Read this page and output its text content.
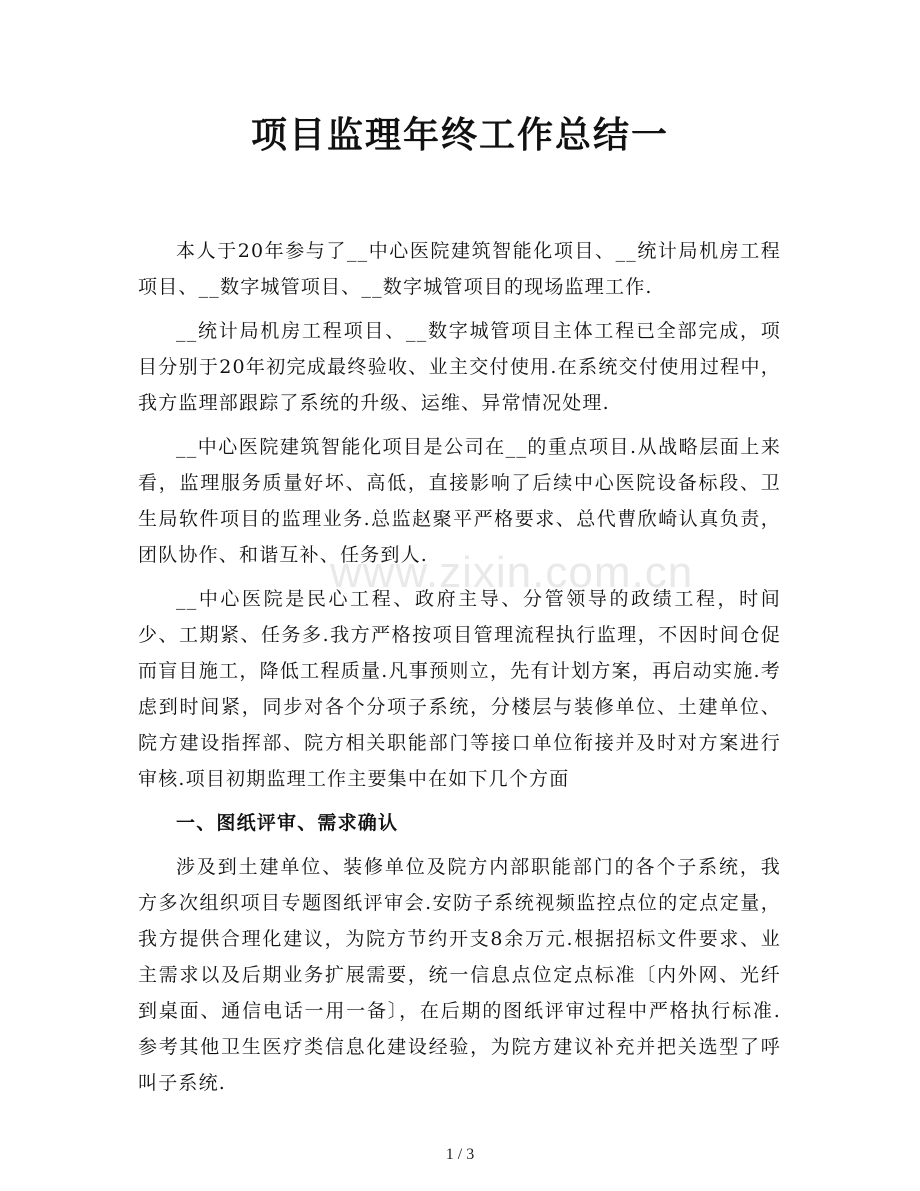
项目监理年终工作总结一

本人于20年参与了__中心医院建筑智能化项目、__统计局机房工程项目、__数字城管项目、__数字城管项目的现场监理工作.

__统计局机房工程项目、__数字城管项目主体工程已全部完成，项目分别于20年初完成最终验收、业主交付使用.在系统交付使用过程中，我方监理部跟踪了系统的升级、运维、异常情况处理.

__中心医院建筑智能化项目是公司在__的重点项目.从战略层面上来看，监理服务质量好坏、高低，直接影响了后续中心医院设备标段、卫生局软件项目的监理业务.总监赵聚平严格要求、总代曹欣崎认真负责，团队协作、和谐互补、任务到人.

__中心医院是民心工程、政府主导、分管领导的政绩工程，时间少、工期紧、任务多.我方严格按项目管理流程执行监理，不因时间仓促而盲目施工，降低工程质量.凡事预则立，先有计划方案，再启动实施.考虑到时间紧，同步对各个分项子系统，分楼层与装修单位、土建单位、院方建设指挥部、院方相关职能部门等接口单位衔接并及时对方案进行审核.项目初期监理工作主要集中在如下几个方面

一、图纸评审、需求确认

涉及到土建单位、装修单位及院方内部职能部门的各个子系统，我方多次组织项目专题图纸评审会.安防子系统视频监控点位的定点定量，我方提供合理化建议，为院方节约开支8余万元.根据招标文件要求、业主需求以及后期业务扩展需要，统一信息点位定点标准〔内外网、光纤到桌面、通信电话一用一备〕，在后期的图纸评审过程中严格执行标准.参考其他卫生医疗类信息化建设经验，为院方建议补充并把关选型了呼叫子系统.

www.zixin.com.cn
1 / 3
